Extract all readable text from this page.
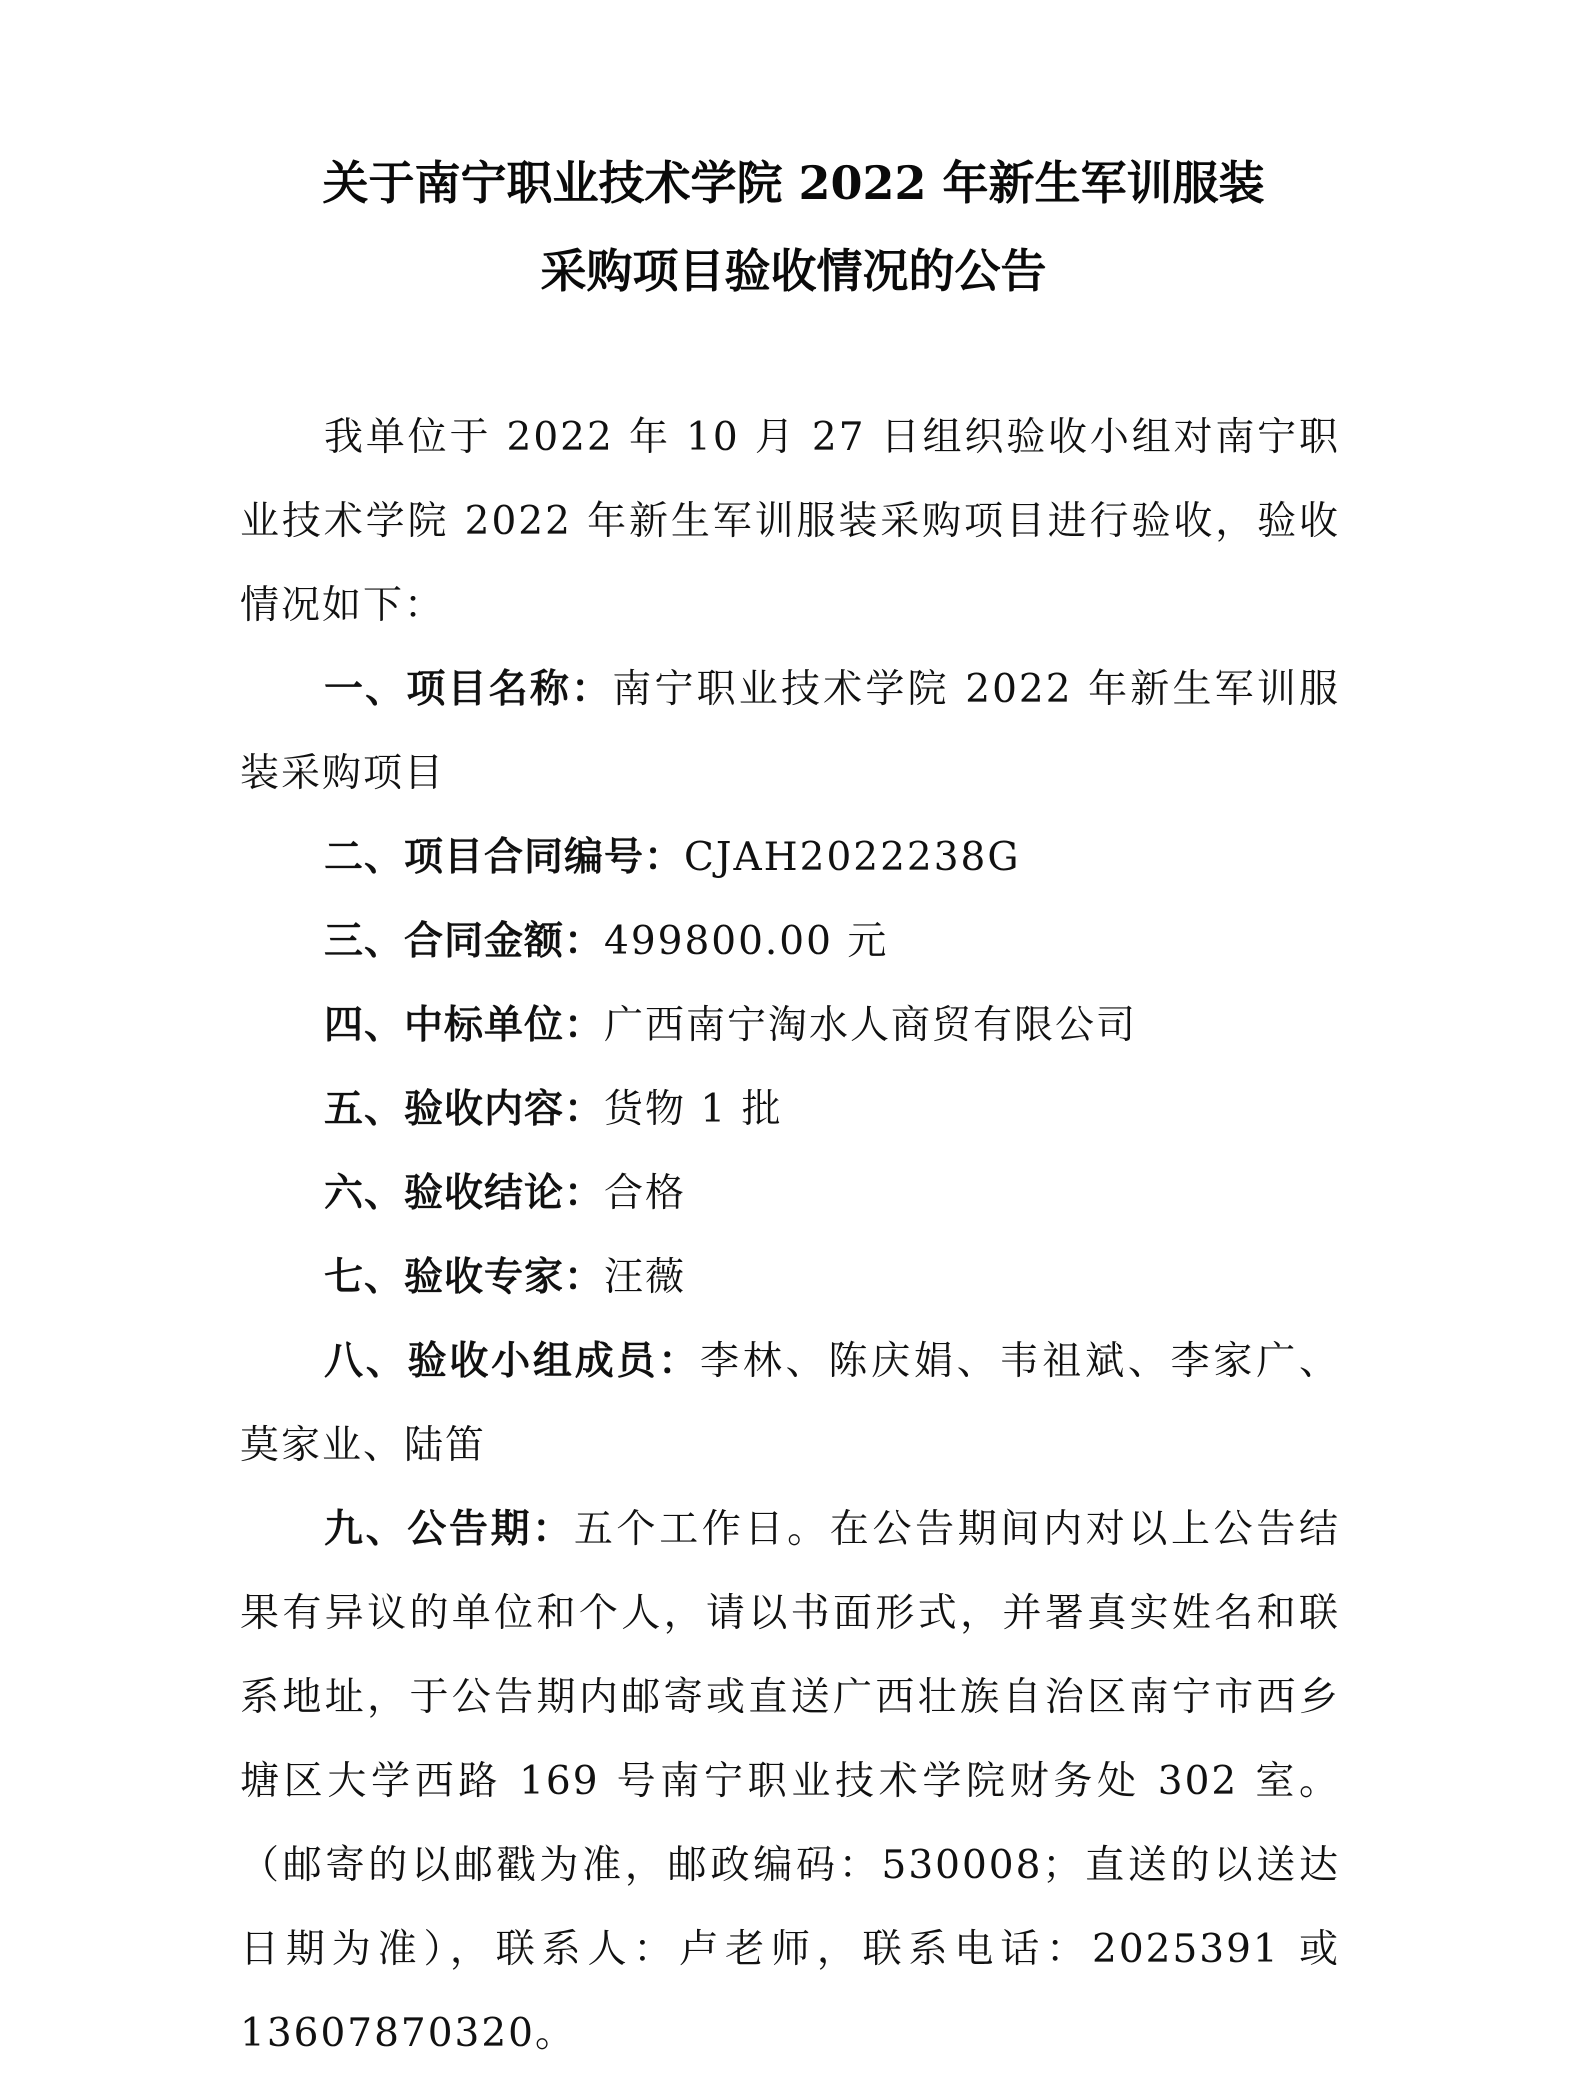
关于南宁职业技术学院 2022 年新生军训服装
采购项目验收情况的公告

我单位于 2022 年 10 月 27 日组织验收小组对南宁职业技术学院 2022 年新生军训服装采购项目进行验收，验收情况如下：

一、项目名称：南宁职业技术学院 2022 年新生军训服装采购项目

二、项目合同编号：CJAH2022238G

三、合同金额：499800.00 元

四、中标单位：广西南宁淘水人商贸有限公司

五、验收内容：货物 1 批

六、验收结论：合格

七、验收专家：汪薇

八、验收小组成员：李林、陈庆娟、韦祖斌、李家广、莫家业、陆笛

九、公告期：五个工作日。在公告期间内对以上公告结果有异议的单位和个人，请以书面形式，并署真实姓名和联系地址，于公告期内邮寄或直送广西壮族自治区南宁市西乡塘区大学西路 169 号南宁职业技术学院财务处 302 室。（邮寄的以邮戳为准，邮政编码：530008；直送的以送达日期为准），联系人：卢老师，联系电话：2025391 或 13607870320。
